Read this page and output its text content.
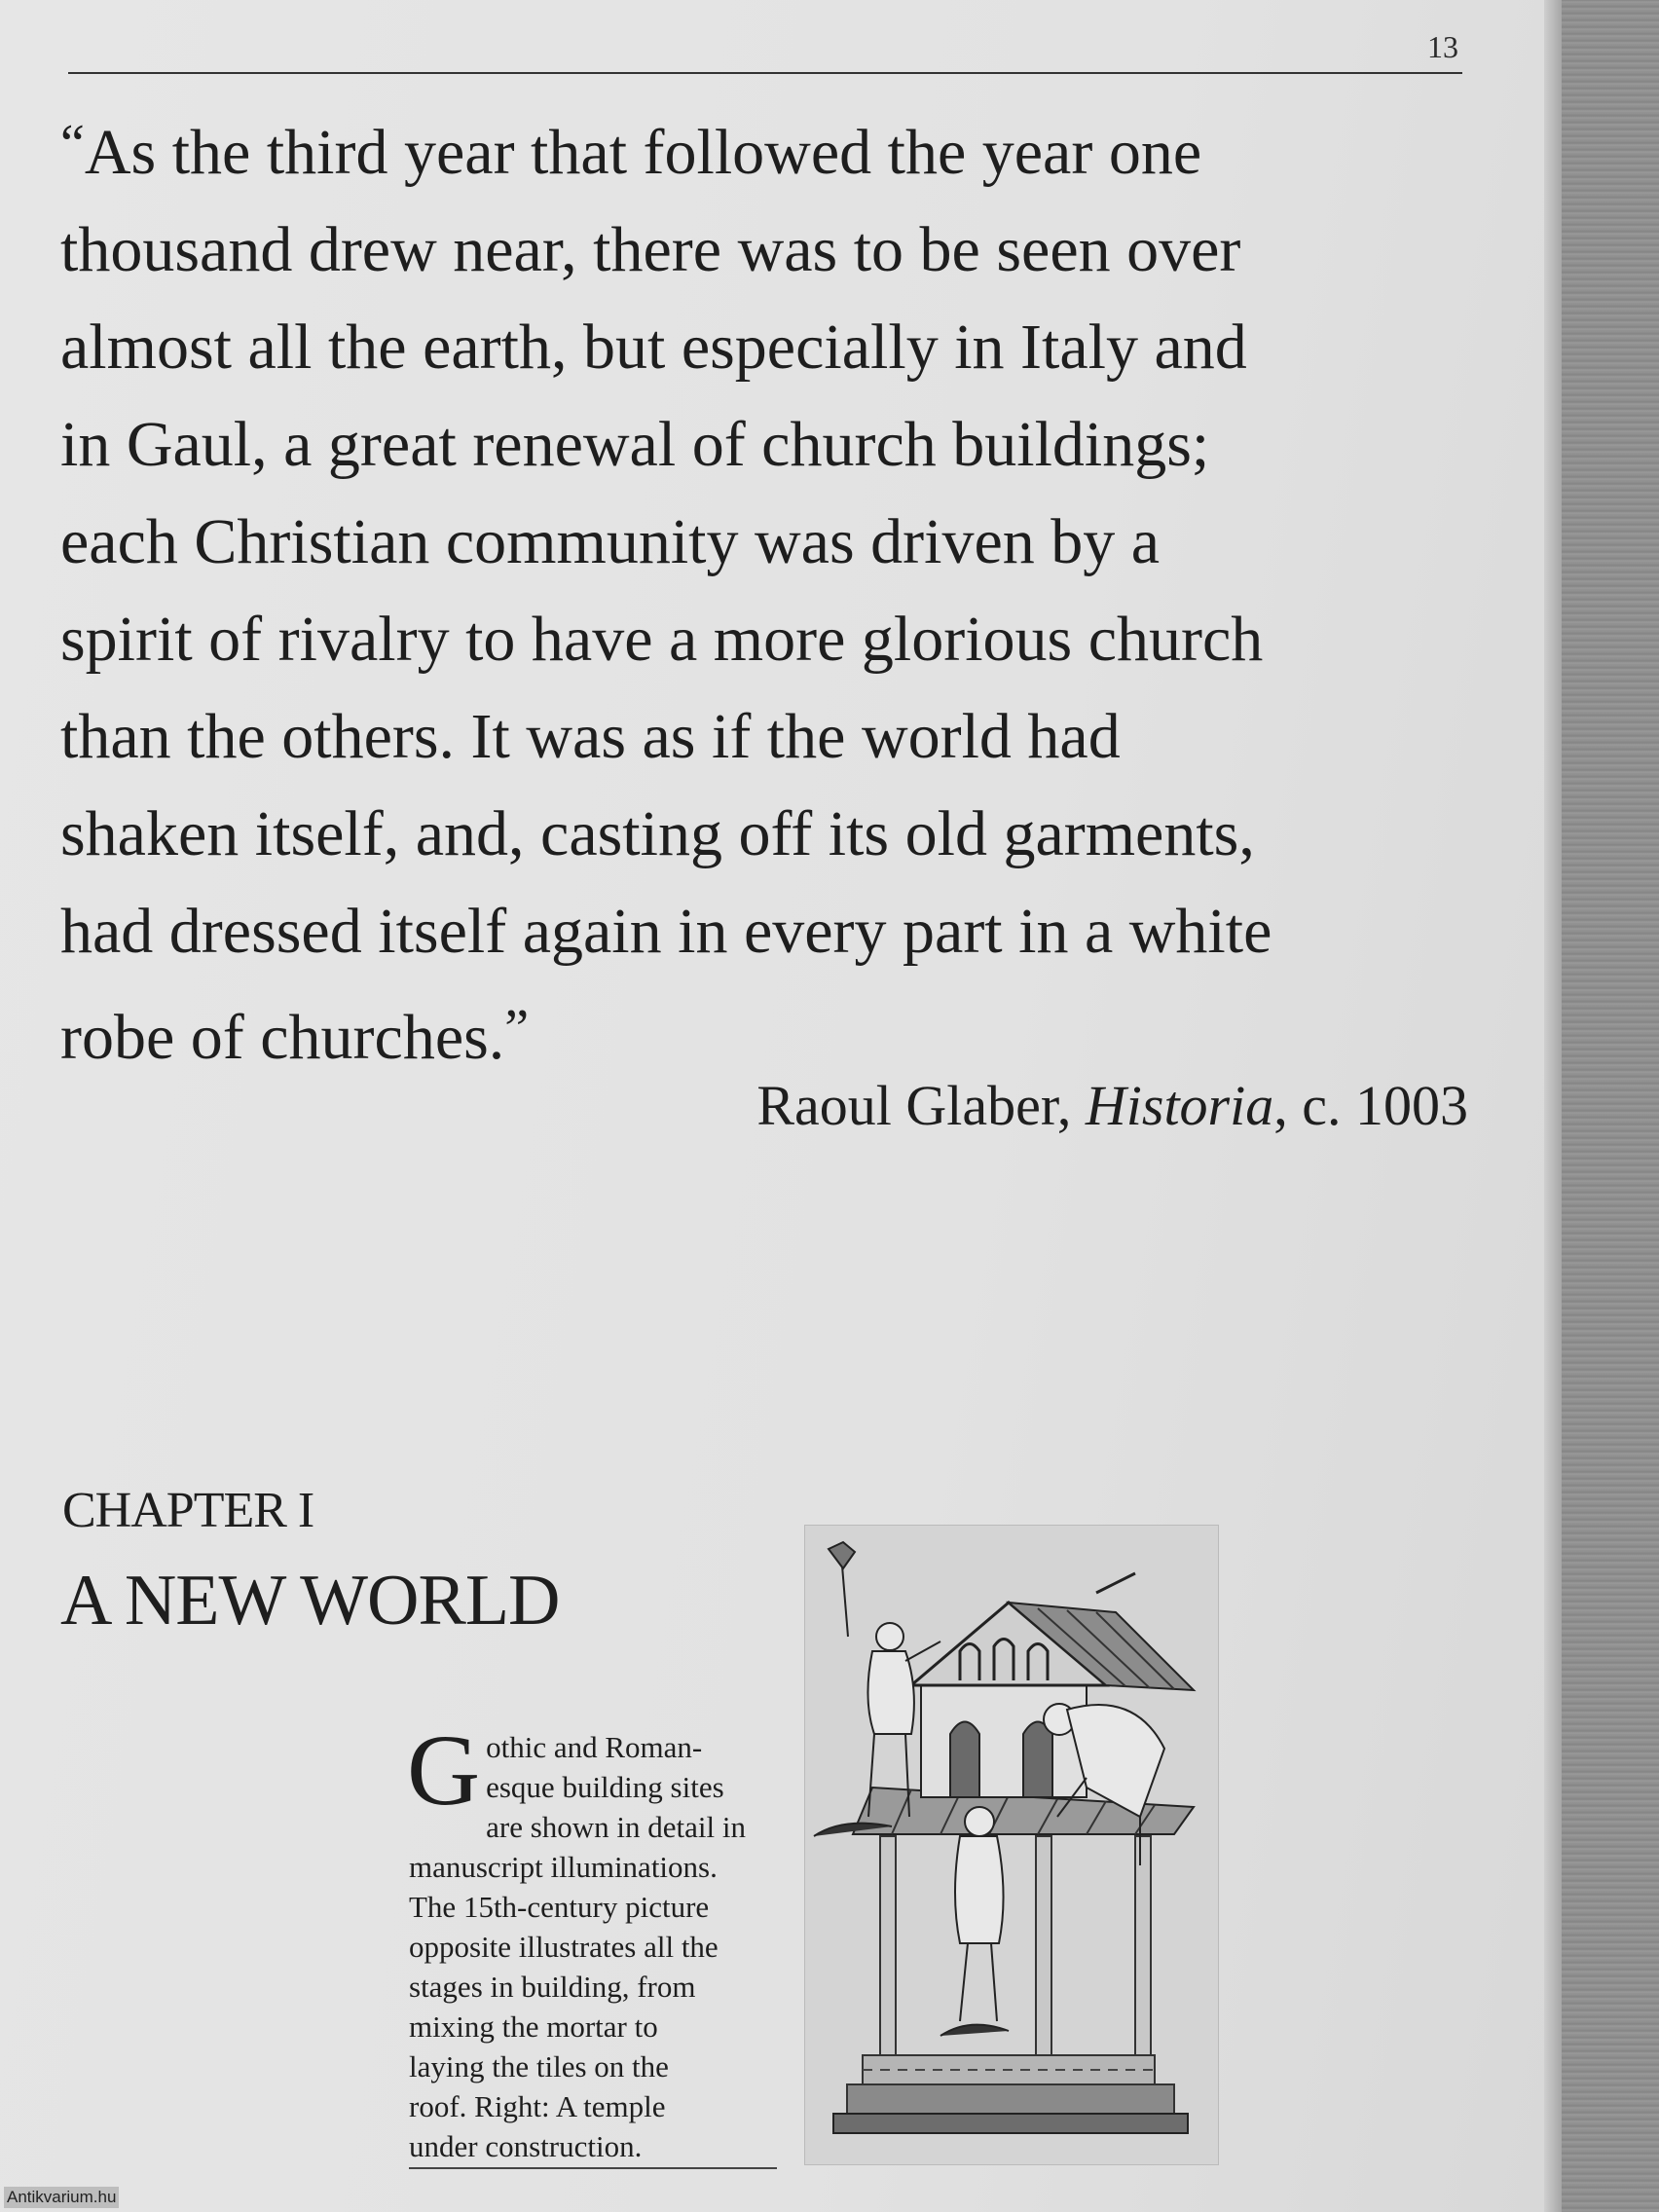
13
“As the third year that followed the year one
thousand drew near, there was to be seen over
almost all the earth, but especially in Italy and
in Gaul, a great renewal of church buildings;
each Christian community was driven by a
spirit of rivalry to have a more glorious church
than the others. It was as if the world had
shaken itself, and, casting off its old garments,
had dressed itself again in every part in a white
robe of churches.”
Raoul Glaber, Historia, c. 1003
CHAPTER I
A NEW WORLD
G othic and Roman-
esque building sites
are shown in detail in
manuscript illuminations.
The 15th-century picture
opposite illustrates all the
stages in building, from
mixing the mortar to
laying the tiles on the
roof. Right: A temple
under construction.
Antikvarium.hu
